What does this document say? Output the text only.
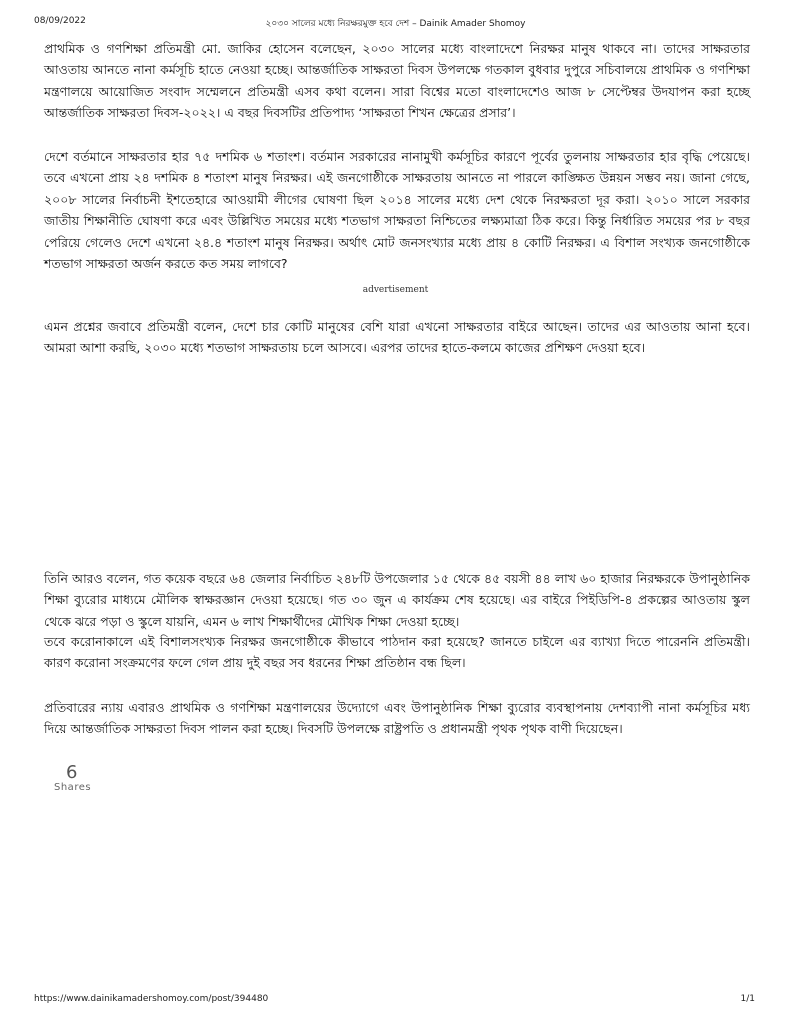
08/09/2022	২০৩০ সালের মধ্যে নিরক্ষরমুক্ত হবে দেশ – Dainik Amader Shomoy

প্রাথমিক ও গণশিক্ষা প্রতিমন্ত্রী মো. জাকির হোসেন বলেছেন, ২০৩০ সালের মধ্যে বাংলাদেশে নিরক্ষর মানুষ থাকবে না। তাদের সাক্ষরতার আওতায় আনতে নানা কর্মসূচি হাতে নেওয়া হচ্ছে। আন্তর্জাতিক সাক্ষরতা দিবস উপলক্ষে গতকাল বুধবার দুপুরে সচিবালয়ে প্রাথমিক ও গণশিক্ষা মন্ত্রণালয়ে আয়োজিত সংবাদ সম্মেলনে প্রতিমন্ত্রী এসব কথা বলেন। সারা বিশ্বের মতো বাংলাদেশেও আজ ৮ সেপ্টেম্বর উদযাপন করা হচ্ছে আন্তর্জাতিক সাক্ষরতা দিবস-২০২২। এ বছর দিবসটির প্রতিপাদ্য ‘সাক্ষরতা শিখন ক্ষেত্রের প্রসার’।

দেশে বর্তমানে সাক্ষরতার হার ৭৫ দশমিক ৬ শতাংশ। বর্তমান সরকারের নানামুখী কর্মসূচির কারণে পূর্বের তুলনায় সাক্ষরতার হার বৃদ্ধি পেয়েছে। তবে এখনো প্রায় ২৪ দশমিক ৪ শতাংশ মানুষ নিরক্ষর। এই জনগোষ্ঠীকে সাক্ষরতায় আনতে না পারলে কাঙ্ক্ষিত উন্নয়ন সম্ভব নয়। জানা গেছে, ২০০৮ সালের নির্বাচনী ইশতেহারে আওয়ামী লীগের ঘোষণা ছিল ২০১৪ সালের মধ্যে দেশ থেকে নিরক্ষরতা দূর করা। ২০১০ সালে সরকার জাতীয় শিক্ষানীতি ঘোষণা করে এবং উল্লিখিত সময়ের মধ্যে শতভাগ সাক্ষরতা নিশ্চিতের লক্ষ্যমাত্রা ঠিক করে। কিন্তু নির্ধারিত সময়ের পর ৮ বছর পেরিয়ে গেলেও দেশে এখনো ২৪.৪ শতাংশ মানুষ নিরক্ষর। অর্থাৎ মোট জনসংখ্যার মধ্যে প্রায় ৪ কোটি নিরক্ষর। এ বিশাল সংখ্যক জনগোষ্ঠীকে শতভাগ সাক্ষরতা অর্জন করতে কত সময় লাগবে?

advertisement

এমন প্রশ্নের জবাবে প্রতিমন্ত্রী বলেন, দেশে চার কোটি মানুষের বেশি যারা এখনো সাক্ষরতার বাইরে আছেন। তাদের এর আওতায় আনা হবে। আমরা আশা করছি, ২০৩০ মধ্যে শতভাগ সাক্ষরতায় চলে আসবে। এরপর তাদের হাতে-কলমে কাজের প্রশিক্ষণ দেওয়া হবে।

তিনি আরও বলেন, গত কয়েক বছরে ৬৪ জেলার নির্বাচিত ২৪৮টি উপজেলার ১৫ থেকে ৪৫ বয়সী ৪৪ লাখ ৬০ হাজার নিরক্ষরকে উপানুষ্ঠানিক শিক্ষা ব্যুরোর মাধ্যমে মৌলিক স্বাক্ষরজ্ঞান দেওয়া হয়েছে। গত ৩০ জুন এ কার্যক্রম শেষ হয়েছে। এর বাইরে পিইডিপি-৪ প্রকল্পের আওতায় স্কুল থেকে ঝরে পড়া ও স্কুলে যায়নি, এমন ৬ লাখ শিক্ষার্থীদের মৌখিক শিক্ষা দেওয়া হচ্ছে।

তবে করোনাকালে এই বিশালসংখ্যক নিরক্ষর জনগোষ্ঠীকে কীভাবে পাঠদান করা হয়েছে? জানতে চাইলে এর ব্যাখ্যা দিতে পারেননি প্রতিমন্ত্রী। কারণ করোনা সংক্রমণের ফলে গেল প্রায় দুই বছর সব ধরনের শিক্ষা প্রতিষ্ঠান বন্ধ ছিল।

প্রতিবারের ন্যায় এবারও প্রাথমিক ও গণশিক্ষা মন্ত্রণালয়ের উদ্যোগে এবং উপানুষ্ঠানিক শিক্ষা ব্যুরোর ব্যবস্থাপনায় দেশব্যাপী নানা কর্মসূচির মধ্য দিয়ে আন্তর্জাতিক সাক্ষরতা দিবস পালন করা হচ্ছে। দিবসটি উপলক্ষে রাষ্ট্রপতি ও প্রধানমন্ত্রী পৃথক পৃথক বাণী দিয়েছেন।

6
Shares
https://www.dainikamadershomoy.com/post/394480	1/1
